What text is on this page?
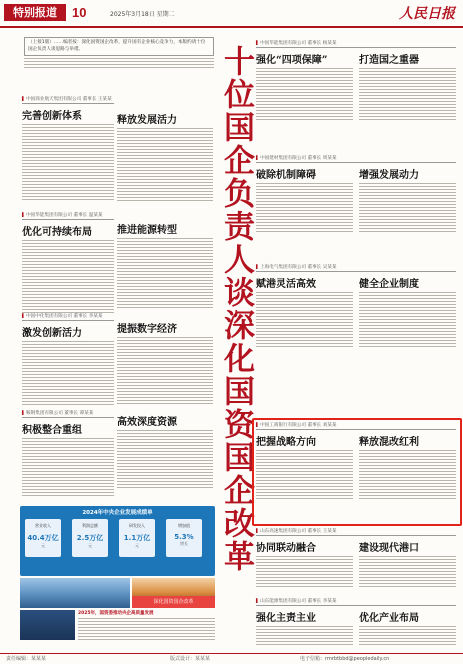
特别报道	10	2025年3月18日 星期二	人民日报
（上接1版）……编者按：深化国资国企改革，提升国有企业核心竞争力，本版约请十位国企负责人谈思路与举措。	十位国企负责人谈深化国资国企改革
▌ 中国商业航天集团有限公司 董事长 王某某
完善创新体系	释放发展活力
▌ 中国华能集团有限公司 董事长 温某某
优化可持续布局	推进能源转型
▌ 中国中化集团有限公司 董事长 李某某
激发创新活力	提振数字经济
▌ 鞍钢集团有限公司 董事长 谭某某
积极整合重组
高效深度资源
2024年中央企业发展成绩单
营业收入
40.4万亿
元
利润总额
2.5万亿
元
研发投入
1.1万亿
元
增加值
5.3%
增长
深化国资国企改革
2025年，国资委推动央企高质量发展
▌ 中国华能集团有限公司 董事长 杨某某
强化“四项保障”	打造国之重器
▌ 中国建材集团有限公司 董事长 周某某
破除机制障碍	增强发展动力
▌ 上海电气集团有限公司 董事长 吴某某
赋港灵活高效	健全企业制度
▌ 中国工商银行有限公司 董事长 刘某某
把握战略方向	释放混改红利
▌ 山东高速集团有限公司 董事长 王某某
协同联动融合	建设现代港口
▌ 山东能源集团有限公司 董事长 李某某
强化主责主业	优化产业布局
责任编辑：某某某	版式设计：某某某	电子信箱：rmrbtbbd@peopledaily.cn
